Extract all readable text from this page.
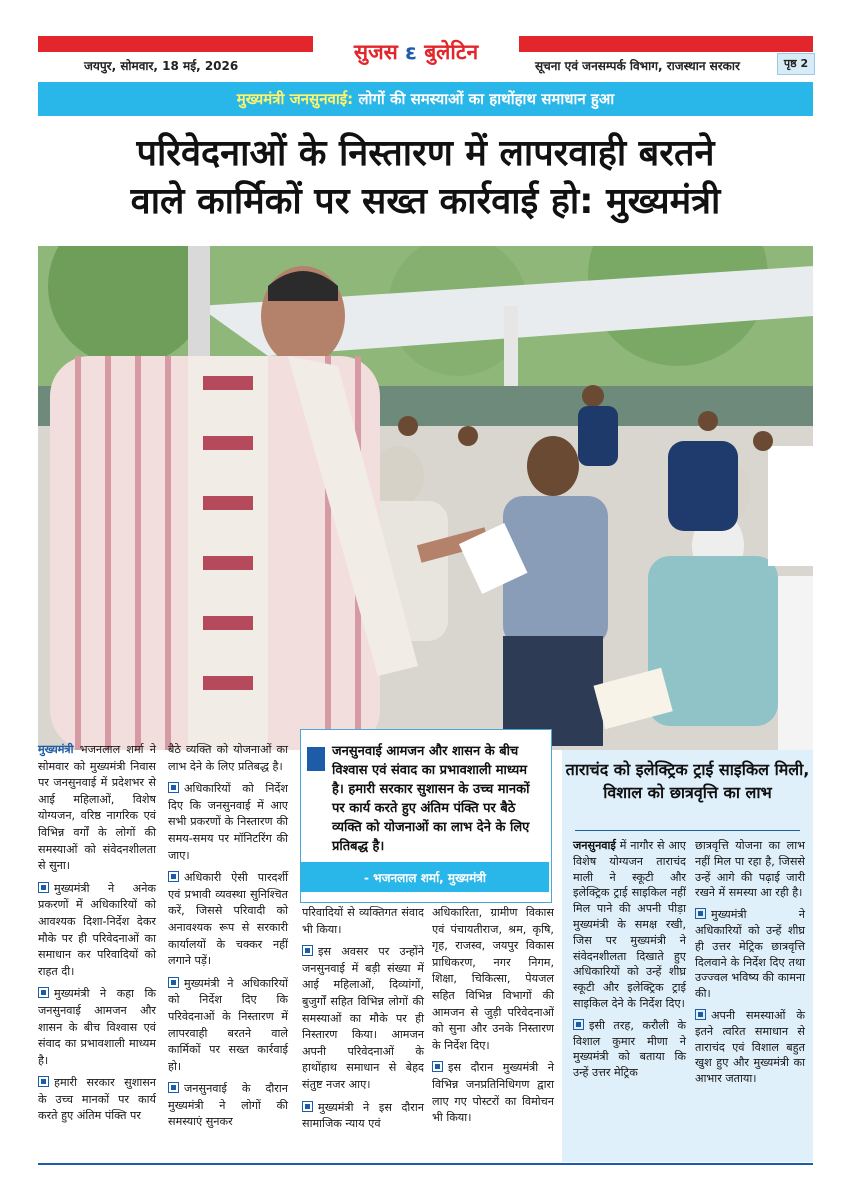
सुजस ε बुलेटिन
जयपुर, सोमवार, 18 मई, 2026	सूचना एवं जनसम्पर्क विभाग, राजस्थान सरकार	पृष्ठ 2
मुख्यमंत्री जनसुनवाई: लोगों की समस्याओं का हाथोंहाथ समाधान हुआ
परिवेदनाओं के निस्तारण में लापरवाही बरतने
वाले कार्मिकों पर सख्त कार्रवाई हो: मुख्यमंत्री
जनसुनवाई आमजन और शासन के बीच विश्वास एवं संवाद का प्रभावशाली माध्यम है। हमारी सरकार सुशासन के उच्च मानकों पर कार्य करते हुए अंतिम पंक्ति पर बैठे व्यक्ति को योजनाओं का लाभ देने के लिए प्रतिबद्ध है।
- भजनलाल शर्मा, मुख्यमंत्री

मुख्यमंत्री भजनलाल शर्मा ने सोमवार को मुख्यमंत्री निवास पर जनसुनवाई में प्रदेशभर से आई महिलाओं, विशेष योग्यजन, वरिष्ठ नागरिक एवं विभिन्न वर्गों के लोगों की समस्याओं को संवेदनशीलता से सुना।

मुख्यमंत्री ने अनेक प्रकरणों में अधिकारियों को आवश्यक दिशा-निर्देश देकर मौके पर ही परिवेदनाओं का समाधान कर परिवादियों को राहत दी।

मुख्यमंत्री ने कहा कि जनसुनवाई आमजन और शासन के बीच विश्वास एवं संवाद का प्रभावशाली माध्यम है।

हमारी सरकार सुशासन के उच्च मानकों पर कार्य करते हुए अंतिम पंक्ति पर

बैठे व्यक्ति को योजनाओं का लाभ देने के लिए प्रतिबद्ध है।

अधिकारियों को निर्देश दिए कि जनसुनवाई में आए सभी प्रकरणों के निस्तारण की समय-समय पर मॉनिटरिंग की जाए।

अधिकारी ऐसी पारदर्शी एवं प्रभावी व्यवस्था सुनिश्चित करें, जिससे परिवादी को अनावश्यक रूप से सरकारी कार्यालयों के चक्कर नहीं लगाने पड़ें।

मुख्यमंत्री ने अधिकारियों को निर्देश दिए कि परिवेदनाओं के निस्तारण में लापरवाही बरतने वाले कार्मिकों पर सख्त कार्रवाई हो।

जनसुनवाई के दौरान मुख्यमंत्री ने लोगों की समस्याएं सुनकर

परिवादियों से व्यक्तिगत संवाद भी किया।

इस अवसर पर उन्होंने जनसुनवाई में बड़ी संख्या में आई महिलाओं, दिव्यांगों, बुजुर्गों सहित विभिन्न लोगों की समस्याओं का मौके पर ही निस्तारण किया। आमजन अपनी परिवेदनाओं के हाथोंहाथ समाधान से बेहद संतुष्ट नजर आए।

मुख्यमंत्री ने इस दौरान सामाजिक न्याय एवं

अधिकारिता, ग्रामीण विकास एवं पंचायतीराज, श्रम, कृषि, गृह, राजस्व, जयपुर विकास प्राधिकरण, नगर निगम, शिक्षा, चिकित्सा, पेयजल सहित विभिन्न विभागों की आमजन से जुड़ी परिवेदनाओं को सुना और उनके निस्तारण के निर्देश दिए।

इस दौरान मुख्यमंत्री ने विभिन्न जनप्रतिनिधिगण द्वारा लाए गए पोस्टरों का विमोचन भी किया।

ताराचंद को इलेक्ट्रिक ट्राई साइकिल मिली, विशाल को छात्रवृत्ति का लाभ

जनसुनवाई में नागौर से आए विशेष योग्यजन ताराचंद माली ने स्कूटी और इलेक्ट्रिक ट्राई साइकिल नहीं मिल पाने की अपनी पीड़ा मुख्यमंत्री के समक्ष रखी, जिस पर मुख्यमंत्री ने संवेदनशीलता दिखाते हुए अधिकारियों को उन्हें शीघ्र स्कूटी और इलेक्ट्रिक ट्राई साइकिल देने के निर्देश दिए।

इसी तरह, करौली के विशाल कुमार मीणा ने मुख्यमंत्री को बताया कि उन्हें उत्तर मेट्रिक

छात्रवृत्ति योजना का लाभ नहीं मिल पा रहा है, जिससे उन्हें आगे की पढ़ाई जारी रखने में समस्या आ रही है।

मुख्यमंत्री ने अधिकारियों को उन्हें शीघ्र ही उत्तर मेट्रिक छात्रवृत्ति दिलवाने के निर्देश दिए तथा उज्ज्वल भविष्य की कामना की।

अपनी समस्याओं के इतने त्वरित समाधान से ताराचंद एवं विशाल बहुत खुश हुए और मुख्यमंत्री का आभार जताया।
